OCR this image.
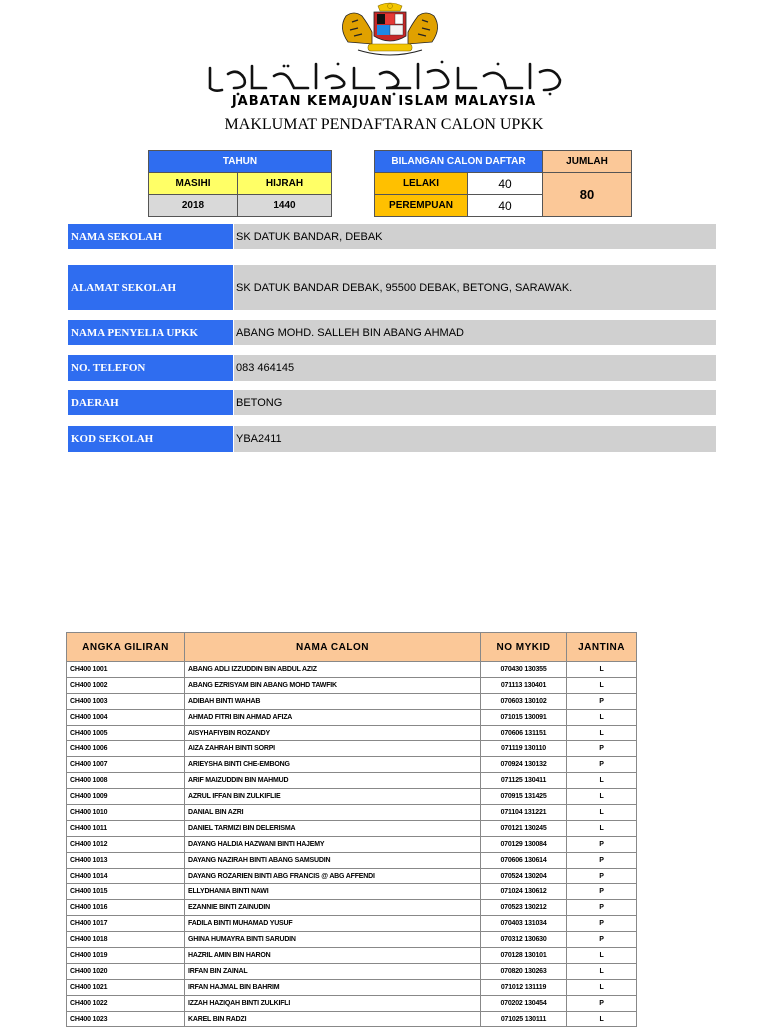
JABATAN KEMAJUAN ISLAM MALAYSIA
MAKLUMAT PENDAFTARAN CALON UPKK
TAHUN	
MASIHI	HIJRAH
2018	1440
BILANGAN CALON DAFTAR		JUMLAH
LELAKI	40	80
PEREMPUAN	40	
NAMA SEKOLAH	SK DATUK BANDAR, DEBAK
ALAMAT SEKOLAH	SK DATUK BANDAR DEBAK, 95500 DEBAK, BETONG, SARAWAK.
NAMA PENYELIA UPKK	ABANG MOHD. SALLEH BIN ABANG AHMAD
NO. TELEFON	083 464145
DAERAH	BETONG
KOD SEKOLAH	YBA2411
ANGKA GILIRAN	NAMA CALON	NO MYKID	JANTINA
CH400 1001	ABANG ADLI IZZUDDIN BIN ABDUL AZIZ	070430 130355	L
CH400 1002	ABANG EZRISYAM BIN ABANG MOHD TAWFIK	071113 130401	L
CH400 1003	ADIBAH BINTI WAHAB	070603 130102	P
CH400 1004	AHMAD FITRI BIN AHMAD AFIZA	071015 130091	L
CH400 1005	AISYHAFIYBIN ROZANDY	070606 131151	L
CH400 1006	AIZA ZAHRAH BINTI SORPI	071119 130110	P
CH400 1007	ARIEYSHA BINTI CHE-EMBONG	070924 130132	P
CH400 1008	ARIF MAIZUDDIN BIN MAHMUD	071125 130411	L
CH400 1009	AZRUL IFFAN BIN ZULKIFLIE	070915 131425	L
CH400 1010	DANIAL BIN AZRI	071104 131221	L
CH400 1011	DANIEL TARMIZI BIN DELERISMA	070121 130245	L
CH400 1012	DAYANG HALDIA HAZWANI BINTI HAJEMY	070129 130084	P
CH400 1013	DAYANG NAZIRAH BINTI ABANG SAMSUDIN	070606 130614	P
CH400 1014	DAYANG ROZARIEN BINTI ABG FRANCIS @ ABG AFFENDI	070524 130204	P
CH400 1015	ELLYDHANIA BINTI NAWI	071024 130612	P
CH400 1016	EZANNIE BINTI ZAINUDIN	070523 130212	P
CH400 1017	FADILA BINTI MUHAMAD YUSUF	070403 131034	P
CH400 1018	GHINA HUMAYRA BINTI SARUDIN	070312 130630	P
CH400 1019	HAZRIL AMIN BIN HARON	070128 130101	L
CH400 1020	IRFAN BIN ZAINAL	070820 130263	L
CH400 1021	IRFAN HAJMAL BIN BAHRIM	071012 131119	L
CH400 1022	IZZAH HAZIQAH BINTI ZULKIFLI	070202 130454	P
CH400 1023	KAREL BIN RADZI	071025 130111	L
